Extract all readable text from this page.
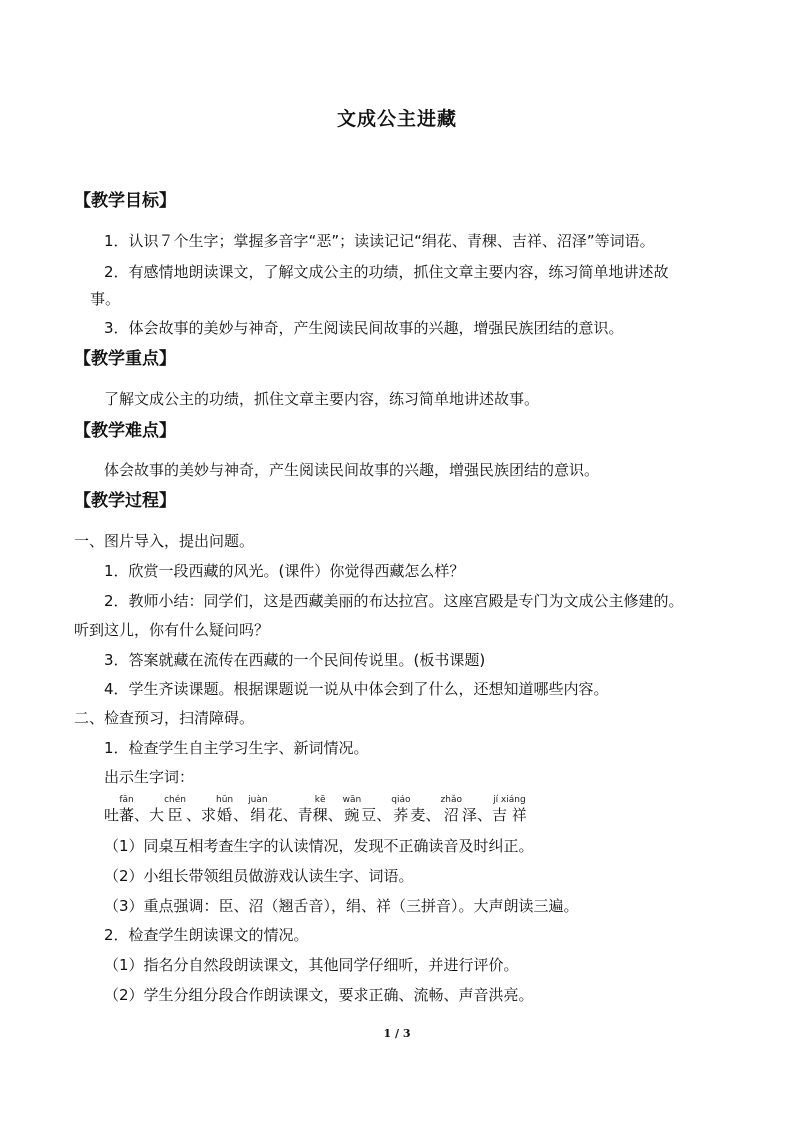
文成公主进藏
【教学目标】
1．认识７个生字；掌握多音字“恶”；读读记记“绢花、青稞、吉祥、沼泽”等词语。
2．有感情地朗读课文，了解文成公主的功绩，抓住文章主要内容，练习简单地讲述故
事。
3．体会故事的美妙与神奇，产生阅读民间故事的兴趣，增强民族团结的意识。
【教学重点】
了解文成公主的功绩，抓住文章主要内容，练习简单地讲述故事。
【教学难点】
体会故事的美妙与神奇，产生阅读民间故事的兴趣，增强民族团结的意识。
【教学过程】
一、图片导入，提出问题。
1．欣赏一段西藏的风光。(课件）你觉得西藏怎么样？
2．教师小结：同学们，这是西藏美丽的布达拉宫。这座宫殿是专门为文成公主修建的。
听到这儿，你有什么疑问吗？
3．答案就藏在流传在西藏的一个民间传说里。(板书课题)
4．学生齐读课题。根据课题说一说从中体会到了什么，还想知道哪些内容。
二、检查预习，扫清障碍。
1．检查学生自主学习生字、新词情况。
出示生字词：
吐
fān
蕃 、 大
chén
臣 、 求
hūn
婚 、
juàn
绢 花、 青
kē
稞 、
wān
豌 豆、
qiáo
荞 麦、
zhǎo
沼 泽、
jí xiáng
吉 祥
（1）同桌互相考查生字的认读情况，发现不正确读音及时纠正。
（2）小组长带领组员做游戏认读生字、词语。
（3）重点强调：臣、沼（翘舌音），绢、祥（三拼音）。大声朗读三遍。
2．检查学生朗读课文的情况。
（1）指名分自然段朗读课文，其他同学仔细听，并进行评价。
（2）学生分组分段合作朗读课文，要求正确、流畅、声音洪亮。
1 / 3
